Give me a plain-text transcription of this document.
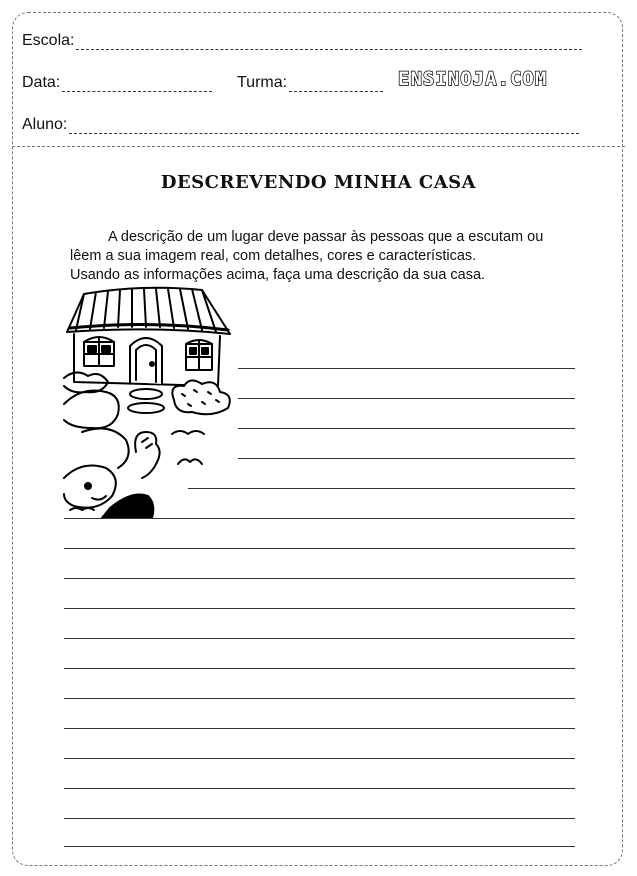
Escola:
Data:	Turma:	ENSINOJA.COM
Aluno:
DESCREVENDO MINHA CASA

A descrição de um lugar deve passar às pessoas que a escutam ou

lêem a sua imagem real, com detalhes, cores e características.

Usando as informações acima, faça uma descrição da sua casa.
